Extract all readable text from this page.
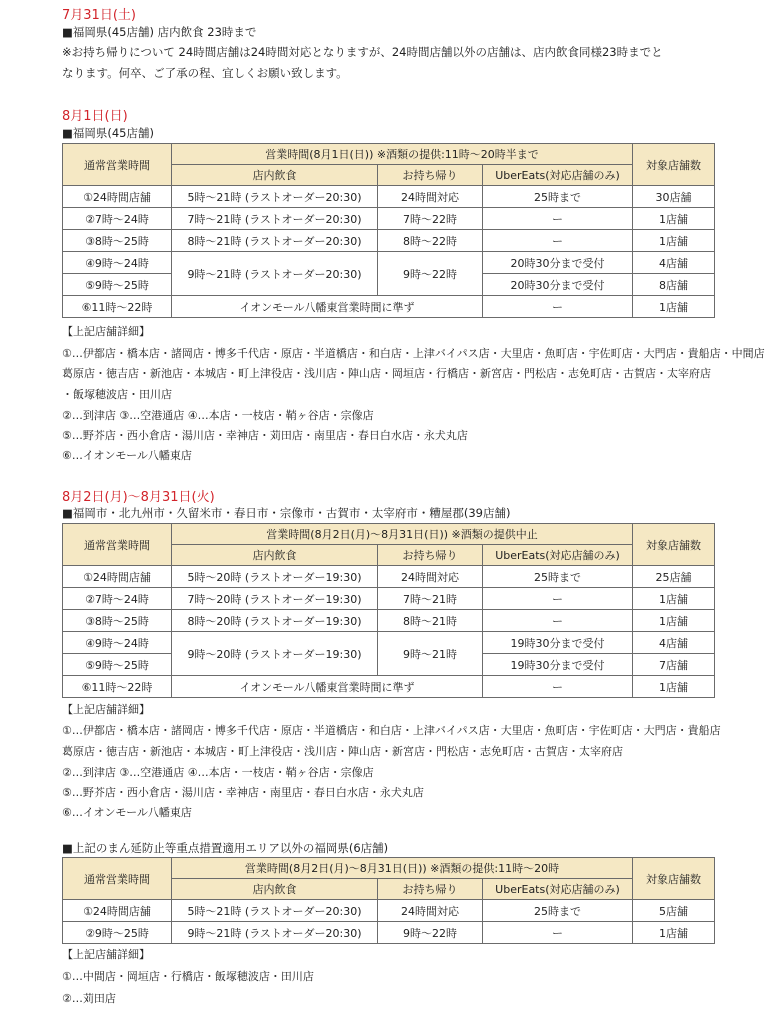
7月31日(土)
■福岡県(45店舗) 店内飲食 23時まで
※お持ち帰りについて 24時間店舗は24時間対応となりますが、24時間店舗以外の店舗は、店内飲食同様23時までと
なります。何卒、ご了承の程、宜しくお願い致します。
8月1日(日)
■福岡県(45店舗)
通常営業時間	営業時間(8月1日(日)) ※酒類の提供:11時～20時半まで			対象店舗数
	店内飲食	お持ち帰り	UberEats(対応店舗のみ)	
①24時間店舗	5時～21時 (ラストオーダー20:30)	24時間対応	25時まで	30店舗
②7時～24時	7時～21時 (ラストオーダー20:30)	7時～22時	ー	1店舗
③8時～25時	8時～21時 (ラストオーダー20:30)	8時～22時	ー	1店舗
④9時～24時	9時～21時 (ラストオーダー20:30)	9時～22時	20時30分まで受付	4店舗
⑤9時～25時			20時30分まで受付	8店舗
⑥11時～22時	イオンモール八幡東営業時間に準ず		ー	1店舗
【上記店舗詳細】
①…伊都店・橋本店・諸岡店・博多千代店・原店・半道橋店・和白店・上津バイパス店・大里店・魚町店・宇佐町店・大門店・貴船店・中間店
葛原店・徳吉店・新池店・本城店・町上津役店・浅川店・陣山店・岡垣店・行橋店・新宮店・門松店・志免町店・古賀店・太宰府店
・飯塚穂波店・田川店
②…到津店 ③…空港通店 ④…本店・一枝店・鞘ヶ谷店・宗像店
⑤…野芥店・西小倉店・湯川店・幸神店・苅田店・南里店・春日白水店・永犬丸店
⑥…イオンモール八幡東店
8月2日(月)～8月31日(火)
■福岡市・北九州市・久留米市・春日市・宗像市・古賀市・太宰府市・糟屋郡(39店舗)
通常営業時間	営業時間(8月2日(月)～8月31日(日)) ※酒類の提供中止			対象店舗数
	店内飲食	お持ち帰り	UberEats(対応店舗のみ)	
①24時間店舗	5時～20時 (ラストオーダー19:30)	24時間対応	25時まで	25店舗
②7時～24時	7時～20時 (ラストオーダー19:30)	7時～21時	ー	1店舗
③8時～25時	8時～20時 (ラストオーダー19:30)	8時～21時	ー	1店舗
④9時～24時	9時～20時 (ラストオーダー19:30)	9時～21時	19時30分まで受付	4店舗
⑤9時～25時			19時30分まで受付	7店舗
⑥11時～22時	イオンモール八幡東営業時間に準ず		ー	1店舗
【上記店舗詳細】
①…伊都店・橋本店・諸岡店・博多千代店・原店・半道橋店・和白店・上津バイパス店・大里店・魚町店・宇佐町店・大門店・貴船店
葛原店・徳吉店・新池店・本城店・町上津役店・浅川店・陣山店・新宮店・門松店・志免町店・古賀店・太宰府店
②…到津店 ③…空港通店 ④…本店・一枝店・鞘ヶ谷店・宗像店
⑤…野芥店・西小倉店・湯川店・幸神店・南里店・春日白水店・永犬丸店
⑥…イオンモール八幡東店
■上記のまん延防止等重点措置適用エリア以外の福岡県(6店舗)
通常営業時間	営業時間(8月2日(月)～8月31日(日)) ※酒類の提供:11時～20時			対象店舗数
	店内飲食	お持ち帰り	UberEats(対応店舗のみ)	
①24時間店舗	5時～21時 (ラストオーダー20:30)	24時間対応	25時まで	5店舗
②9時～25時	9時～21時 (ラストオーダー20:30)	9時～22時	ー	1店舗
【上記店舗詳細】
①…中間店・岡垣店・行橋店・飯塚穂波店・田川店
②…苅田店
